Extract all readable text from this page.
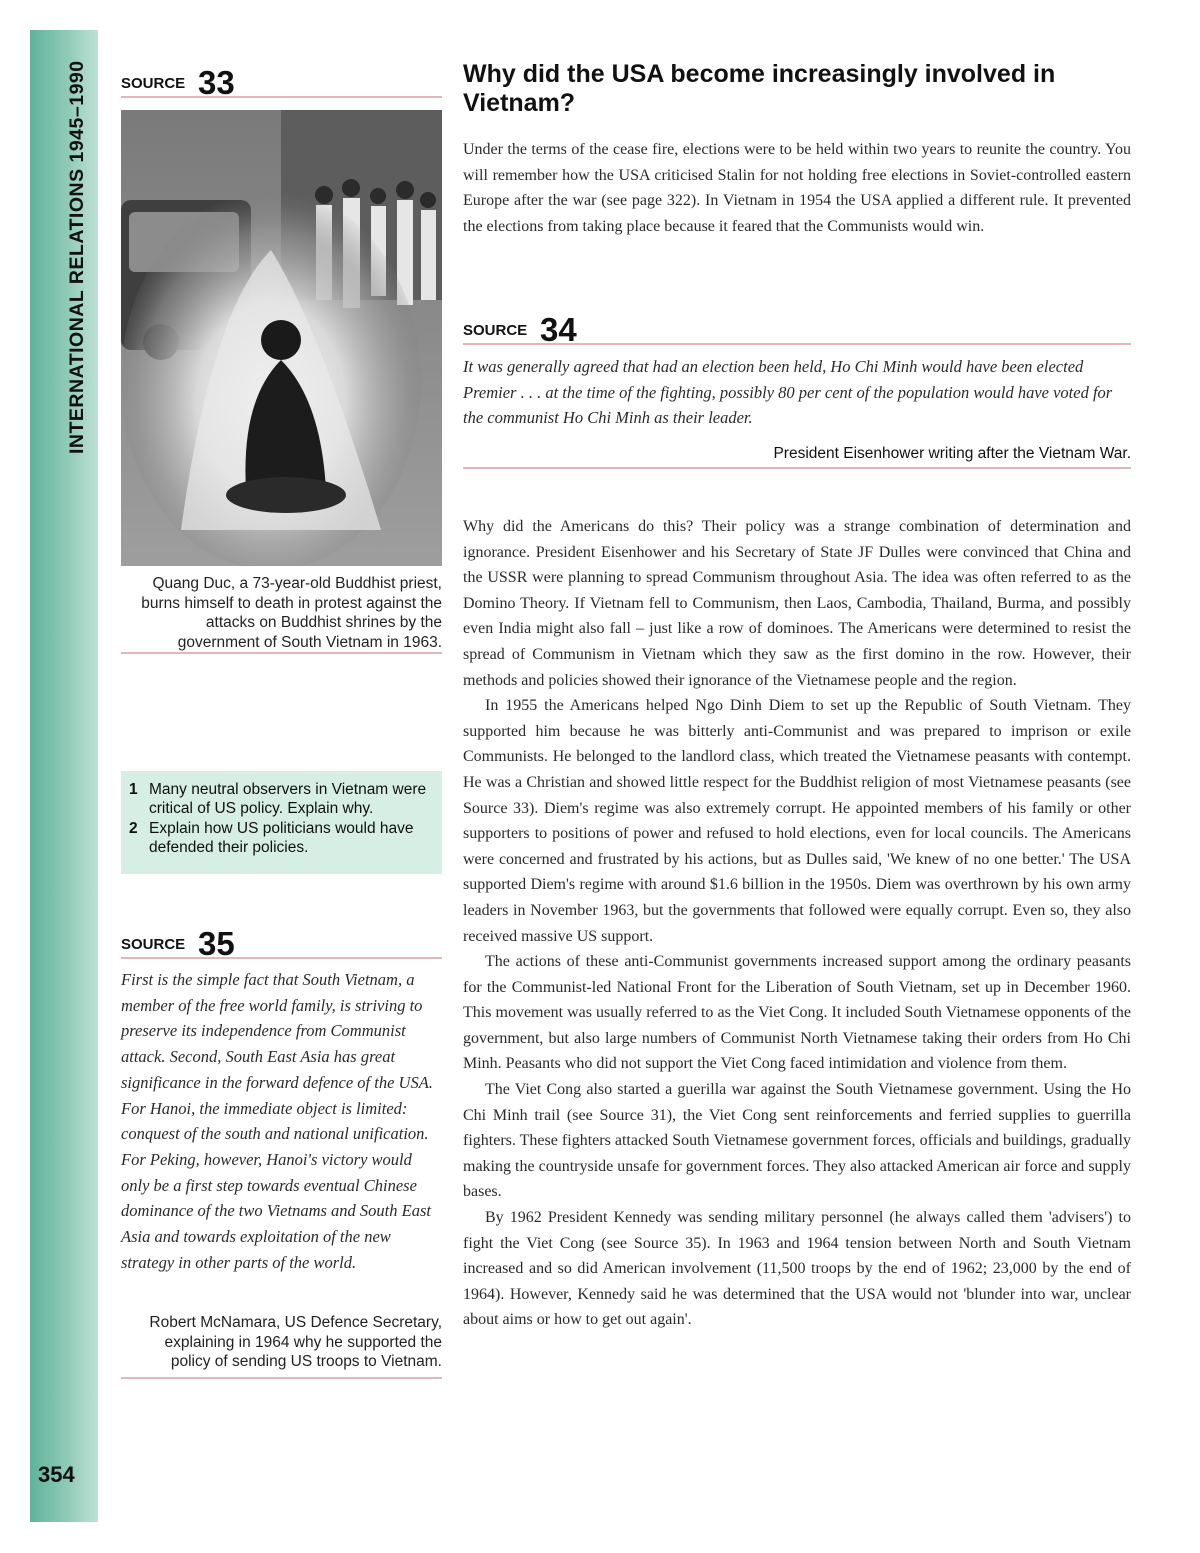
INTERNATIONAL RELATIONS 1945–1990
354
SOURCE 33
Quang Duc, a 73-year-old Buddhist priest, burns himself to death in protest against the attacks on Buddhist shrines by the government of South Vietnam in 1963.
1 Many neutral observers in Vietnam were critical of US policy. Explain why.
2 Explain how US politicians would have defended their policies.
SOURCE 35
First is the simple fact that South Vietnam, a member of the free world family, is striving to preserve its independence from Communist attack. Second, South East Asia has great significance in the forward defence of the USA. For Hanoi, the immediate object is limited: conquest of the south and national unification. For Peking, however, Hanoi's victory would only be a first step towards eventual Chinese dominance of the two Vietnams and South East Asia and towards exploitation of the new strategy in other parts of the world.
Robert McNamara, US Defence Secretary, explaining in 1964 why he supported the policy of sending US troops to Vietnam.
Why did the USA become increasingly involved in Vietnam?
Under the terms of the cease fire, elections were to be held within two years to reunite the country. You will remember how the USA criticised Stalin for not holding free elections in Soviet-controlled eastern Europe after the war (see page 322). In Vietnam in 1954 the USA applied a different rule. It prevented the elections from taking place because it feared that the Communists would win.
SOURCE 34
It was generally agreed that had an election been held, Ho Chi Minh would have been elected Premier . . . at the time of the fighting, possibly 80 per cent of the population would have voted for the communist Ho Chi Minh as their leader.
President Eisenhower writing after the Vietnam War.

Why did the Americans do this? Their policy was a strange combination of determination and ignorance. President Eisenhower and his Secretary of State JF Dulles were convinced that China and the USSR were planning to spread Communism throughout Asia. The idea was often referred to as the Domino Theory. If Vietnam fell to Communism, then Laos, Cambodia, Thailand, Burma, and possibly even India might also fall – just like a row of dominoes. The Americans were determined to resist the spread of Communism in Vietnam which they saw as the first domino in the row. However, their methods and policies showed their ignorance of the Vietnamese people and the region.

In 1955 the Americans helped Ngo Dinh Diem to set up the Republic of South Vietnam. They supported him because he was bitterly anti-Communist and was prepared to imprison or exile Communists. He belonged to the landlord class, which treated the Vietnamese peasants with contempt. He was a Christian and showed little respect for the Buddhist religion of most Vietnamese peasants (see Source 33). Diem's regime was also extremely corrupt. He appointed members of his family or other supporters to positions of power and refused to hold elections, even for local councils. The Americans were concerned and frustrated by his actions, but as Dulles said, 'We knew of no one better.' The USA supported Diem's regime with around $1.6 billion in the 1950s. Diem was overthrown by his own army leaders in November 1963, but the governments that followed were equally corrupt. Even so, they also received massive US support.

The actions of these anti-Communist governments increased support among the ordinary peasants for the Communist-led National Front for the Liberation of South Vietnam, set up in December 1960. This movement was usually referred to as the Viet Cong. It included South Vietnamese opponents of the government, but also large numbers of Communist North Vietnamese taking their orders from Ho Chi Minh. Peasants who did not support the Viet Cong faced intimidation and violence from them.

The Viet Cong also started a guerilla war against the South Vietnamese government. Using the Ho Chi Minh trail (see Source 31), the Viet Cong sent reinforcements and ferried supplies to guerrilla fighters. These fighters attacked South Vietnamese government forces, officials and buildings, gradually making the countryside unsafe for government forces. They also attacked American air force and supply bases.

By 1962 President Kennedy was sending military personnel (he always called them 'advisers') to fight the Viet Cong (see Source 35). In 1963 and 1964 tension between North and South Vietnam increased and so did American involvement (11,500 troops by the end of 1962; 23,000 by the end of 1964). However, Kennedy said he was determined that the USA would not 'blunder into war, unclear about aims or how to get out again'.
